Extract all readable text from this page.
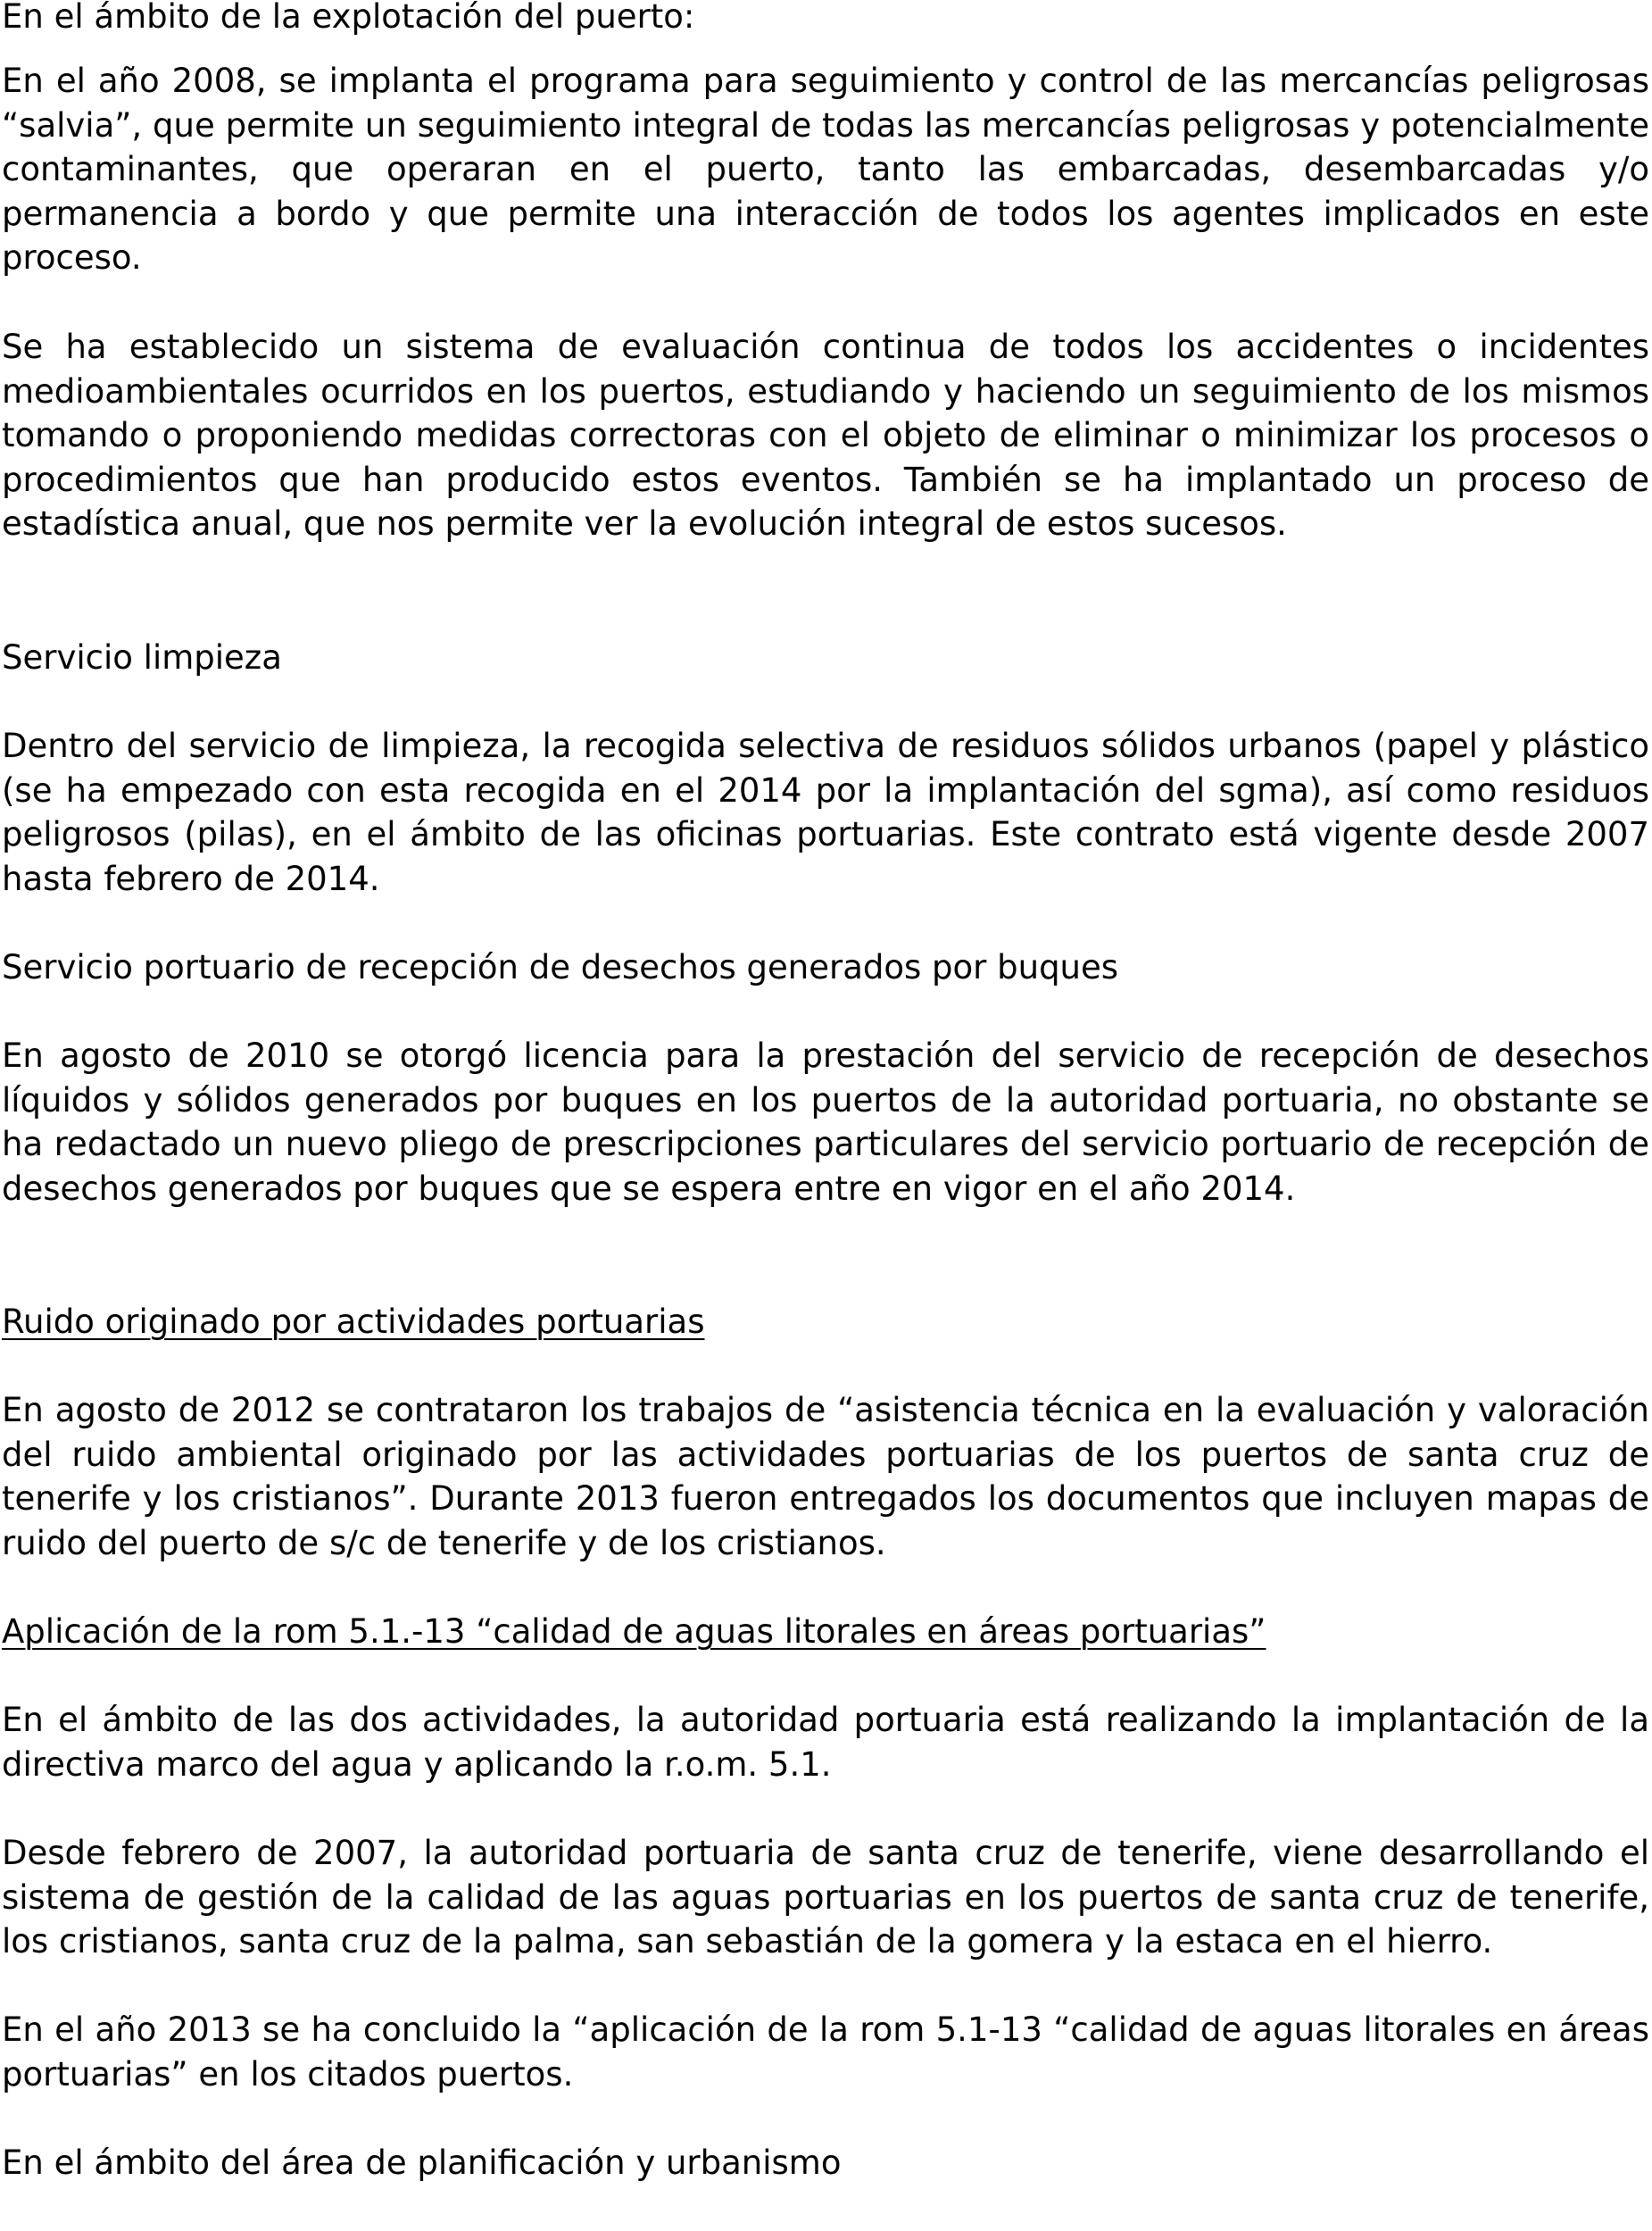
En el ámbito de la explotación del puerto:

En el año 2008, se implanta el programa para seguimiento y control de las mercancías peligrosas “salvia”, que permite un seguimiento integral de todas las mercancías peligrosas y potencialmente contaminantes, que operaran en el puerto, tanto las embarcadas, desembarcadas y/o permanencia a bordo y que permite una interacción de todos los agentes implicados en este proceso.

Se ha establecido un sistema de evaluación continua de todos los accidentes o incidentes medioambientales ocurridos en los puertos, estudiando y haciendo un seguimiento de los mismos tomando o proponiendo medidas correctoras con el objeto de eliminar o minimizar los procesos o procedimientos que han producido estos eventos. También se ha implantado un proceso de estadística anual, que nos permite ver la evolución integral de estos sucesos.

Servicio limpieza

Dentro del servicio de limpieza, la recogida selectiva de residuos sólidos urbanos (papel y plástico (se ha empezado con esta recogida en el 2014 por la implantación del sgma), así como residuos peligrosos (pilas), en el ámbito de las oficinas portuarias. Este contrato está vigente desde 2007 hasta febrero de 2014.

Servicio portuario de recepción de desechos generados por buques

En agosto de 2010 se otorgó licencia para la prestación del servicio de recepción de desechos líquidos y sólidos generados por buques en los puertos de la autoridad portuaria, no obstante se ha redactado un nuevo pliego de prescripciones particulares del servicio portuario de recepción de desechos generados por buques que se espera entre en vigor en el año 2014.

Ruido originado por actividades portuarias

En agosto de 2012 se contrataron los trabajos de “asistencia técnica en la evaluación y valoración del ruido ambiental originado por las actividades portuarias de los puertos de santa cruz de tenerife y los cristianos”. Durante 2013 fueron entregados los documentos que incluyen mapas de ruido del puerto de s/c de tenerife y de los cristianos.

Aplicación de la rom 5.1.-13 “calidad de aguas litorales en áreas portuarias”

En el ámbito de las dos actividades, la autoridad portuaria está realizando la implantación de la directiva marco del agua y aplicando la r.o.m. 5.1.

Desde febrero de 2007, la autoridad portuaria de santa cruz de tenerife, viene desarrollando el sistema de gestión de la calidad de las aguas portuarias en los puertos de santa cruz de tenerife, los cristianos, santa cruz de la palma, san sebastián de la gomera y la estaca en el hierro.

En el año 2013 se ha concluido la “aplicación de la rom 5.1-13 “calidad de aguas litorales en áreas portuarias” en los citados puertos.

En el ámbito del área de planificación y urbanismo
